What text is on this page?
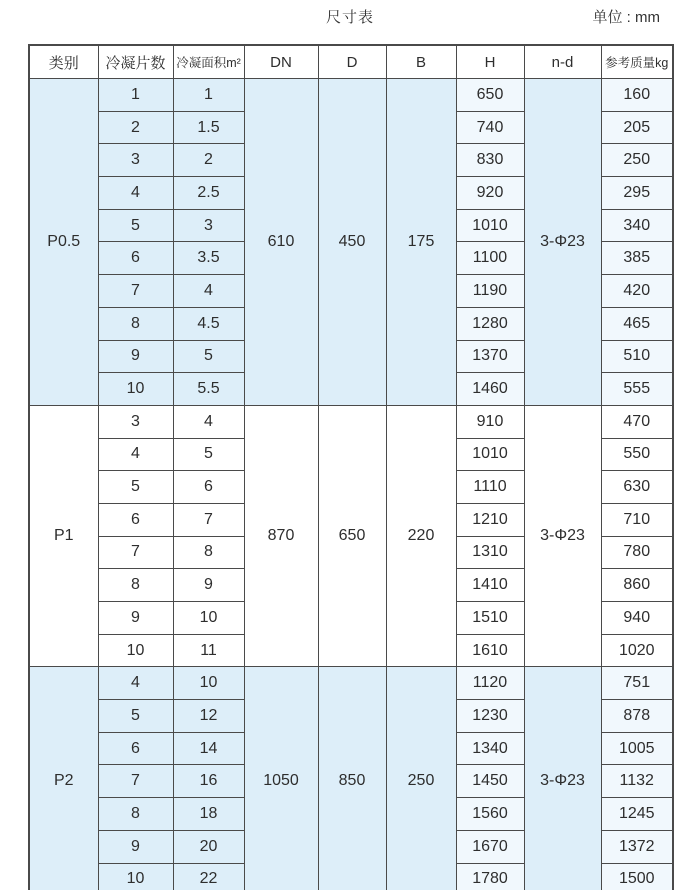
尺寸表	单位 : mm
类别	冷凝片数	冷凝面积m²	DN	D	B	H	n-d	参考质量kg
P0.5	1	1	610	450	175	650	3-Φ23	160
	2	1.5				740		205
	3	2				830		250
	4	2.5				920		295
	5	3				1010		340
	6	3.5				1100		385
	7	4				1190		420
	8	4.5				1280		465
	9	5				1370		510
	10	5.5				1460		555
P1	3	4	870	650	220	910	3-Φ23	470
	4	5				1010		550
	5	6				1110		630
	6	7				1210		710
	7	8				1310		780
	8	9				1410		860
	9	10				1510		940
	10	11				1610		1020
P2	4	10	1050	850	250	1120	3-Φ23	751
	5	12				1230		878
	6	14				1340		1005
	7	16				1450		1132
	8	18				1560		1245
	9	20				1670		1372
	10	22				1780		1500
